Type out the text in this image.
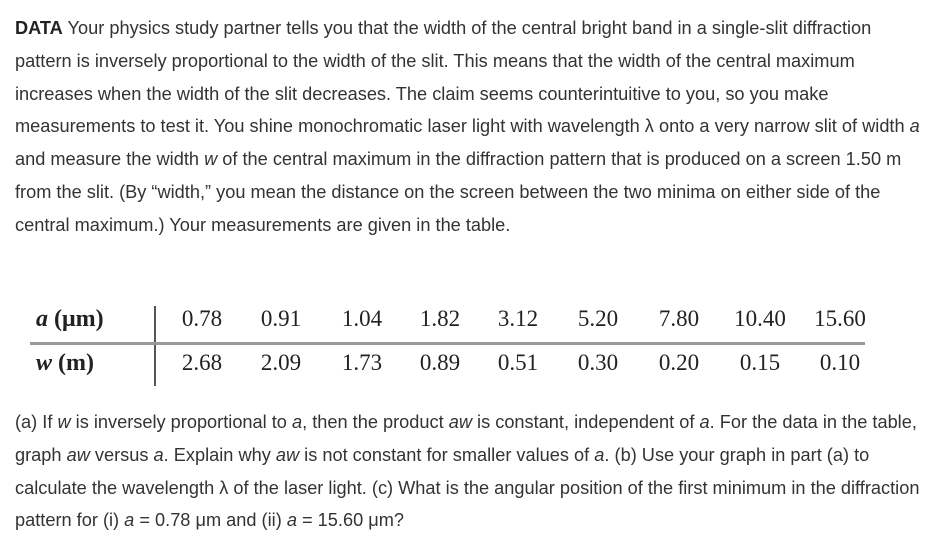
DATA Your physics study partner tells you that the width of the central bright band in a single-slit diffraction pattern is inversely proportional to the width of the slit. This means that the width of the central maximum increases when the width of the slit decreases. The claim seems counterintuitive to you, so you make measurements to test it. You shine monochromatic laser light with wavelength λ onto a very narrow slit of width a and measure the width w of the central maximum in the diffraction pattern that is produced on a screen 1.50 m from the slit. (By “width,” you mean the distance on the screen between the two minima on either side of the central maximum.) Your measurements are given in the table.

a (μm)	0.78	0.91	1.04	1.82	3.12	5.20	7.80	10.40	15.60
w (m)	2.68	2.09	1.73	0.89	0.51	0.30	0.20	0.15	0.10

(a) If w is inversely proportional to a, then the product aw is constant, independent of a. For the data in the table, graph aw versus a. Explain why aw is not constant for smaller values of a. (b) Use your graph in part (a) to calculate the wavelength λ of the laser light. (c) What is the angular position of the first minimum in the diffraction pattern for (i) a = 0.78 μm and (ii) a = 15.60 μm?
